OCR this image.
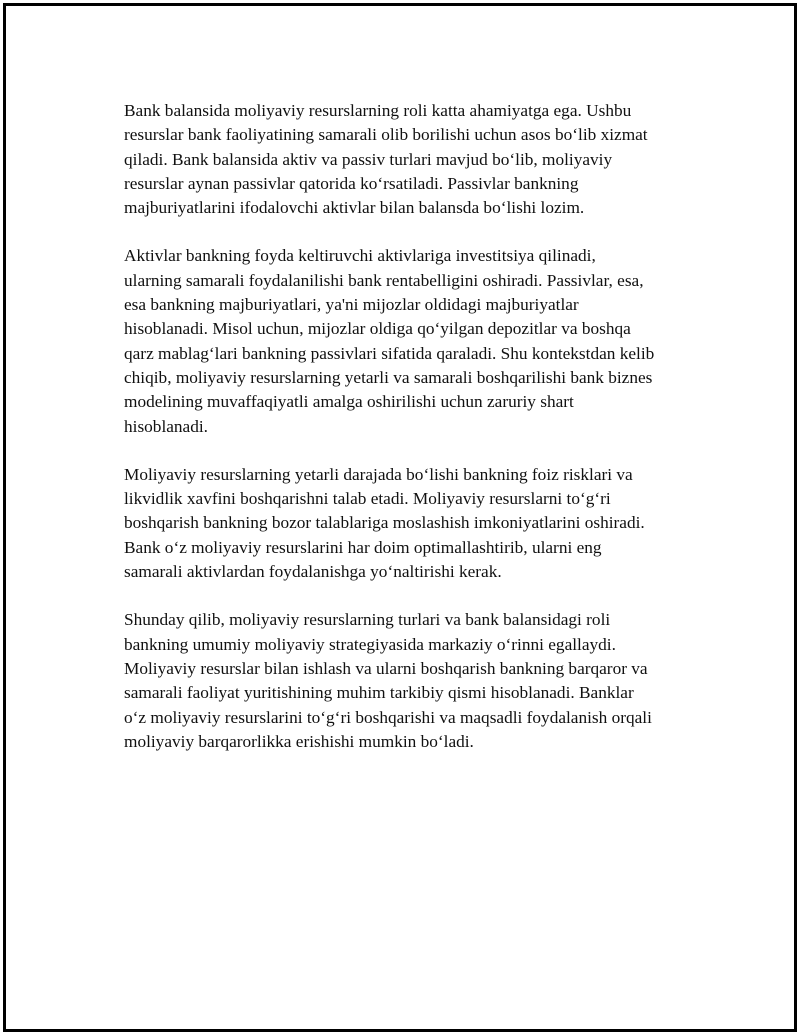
Bank balansida moliyaviy resurslarning roli katta ahamiyatga ega. Ushbu
resurslar bank faoliyatining samarali olib borilishi uchun asos bo‘lib xizmat
qiladi. Bank balansida aktiv va passiv turlari mavjud bo‘lib, moliyaviy
resurslar aynan passivlar qatorida ko‘rsatiladi. Passivlar bankning
majburiyatlarini ifodalovchi aktivlar bilan balansda bo‘lishi lozim.

Aktivlar bankning foyda keltiruvchi aktivlariga investitsiya qilinadi,
ularning samarali foydalanilishi bank rentabelligini oshiradi. Passivlar, esa,
esa bankning majburiyatlari, ya'ni mijozlar oldidagi majburiyatlar
hisoblanadi. Misol uchun, mijozlar oldiga qo‘yilgan depozitlar va boshqa
qarz mablag‘lari bankning passivlari sifatida qaraladi. Shu kontekstdan kelib
chiqib, moliyaviy resurslarning yetarli va samarali boshqarilishi bank biznes
modelining muvaffaqiyatli amalga oshirilishi uchun zaruriy shart
hisoblanadi.

Moliyaviy resurslarning yetarli darajada bo‘lishi bankning foiz risklari va
likvidlik xavfini boshqarishni talab etadi. Moliyaviy resurslarni to‘g‘ri
boshqarish bankning bozor talablariga moslashish imkoniyatlarini oshiradi.
Bank o‘z moliyaviy resurslarini har doim optimallashtirib, ularni eng
samarali aktivlardan foydalanishga yo‘naltirishi kerak.

Shunday qilib, moliyaviy resurslarning turlari va bank balansidagi roli
bankning umumiy moliyaviy strategiyasida markaziy o‘rinni egallaydi.
Moliyaviy resurslar bilan ishlash va ularni boshqarish bankning barqaror va
samarali faoliyat yuritishining muhim tarkibiy qismi hisoblanadi. Banklar
o‘z moliyaviy resurslarini to‘g‘ri boshqarishi va maqsadli foydalanish orqali
moliyaviy barqarorlikka erishishi mumkin bo‘ladi.
